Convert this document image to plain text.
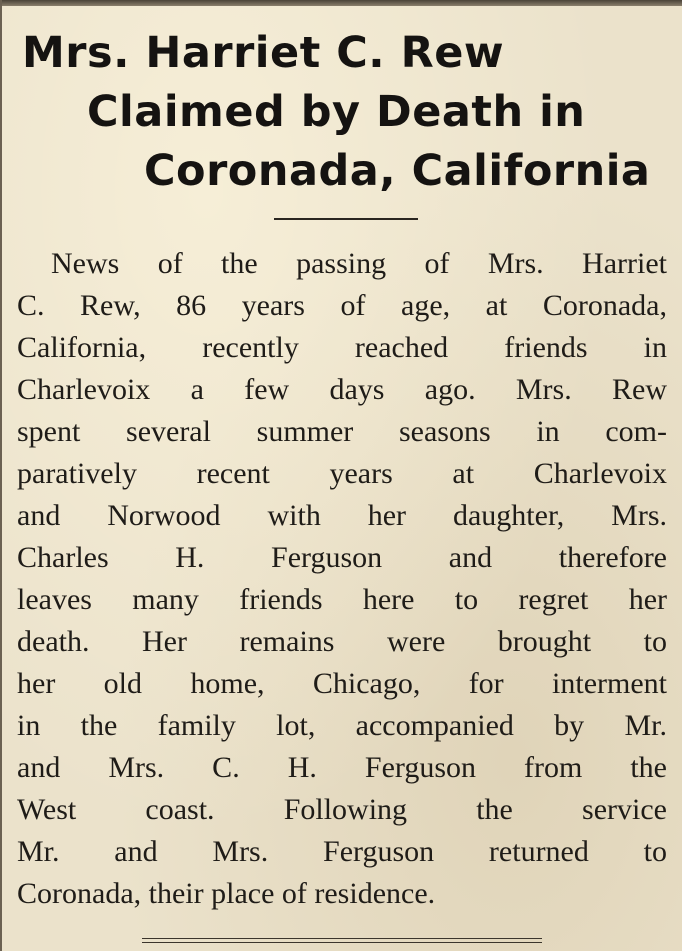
Mrs. Harriet C. Rew
Claimed by Death in
Coronada, California
News of the passing of Mrs. Harriet
C. Rew, 86 years of age, at Coronada,
California, recently reached friends in
Charlevoix a few days ago. Mrs. Rew
spent several summer seasons in com-
paratively recent years at Charlevoix
and Norwood with her daughter, Mrs.
Charles H. Ferguson and therefore
leaves many friends here to regret her
death. Her remains were brought to
her old home, Chicago, for interment
in the family lot, accompanied by Mr.
and Mrs. C. H. Ferguson from the
West coast. Following the service
Mr. and Mrs. Ferguson returned to
Coronada, their place of residence.
